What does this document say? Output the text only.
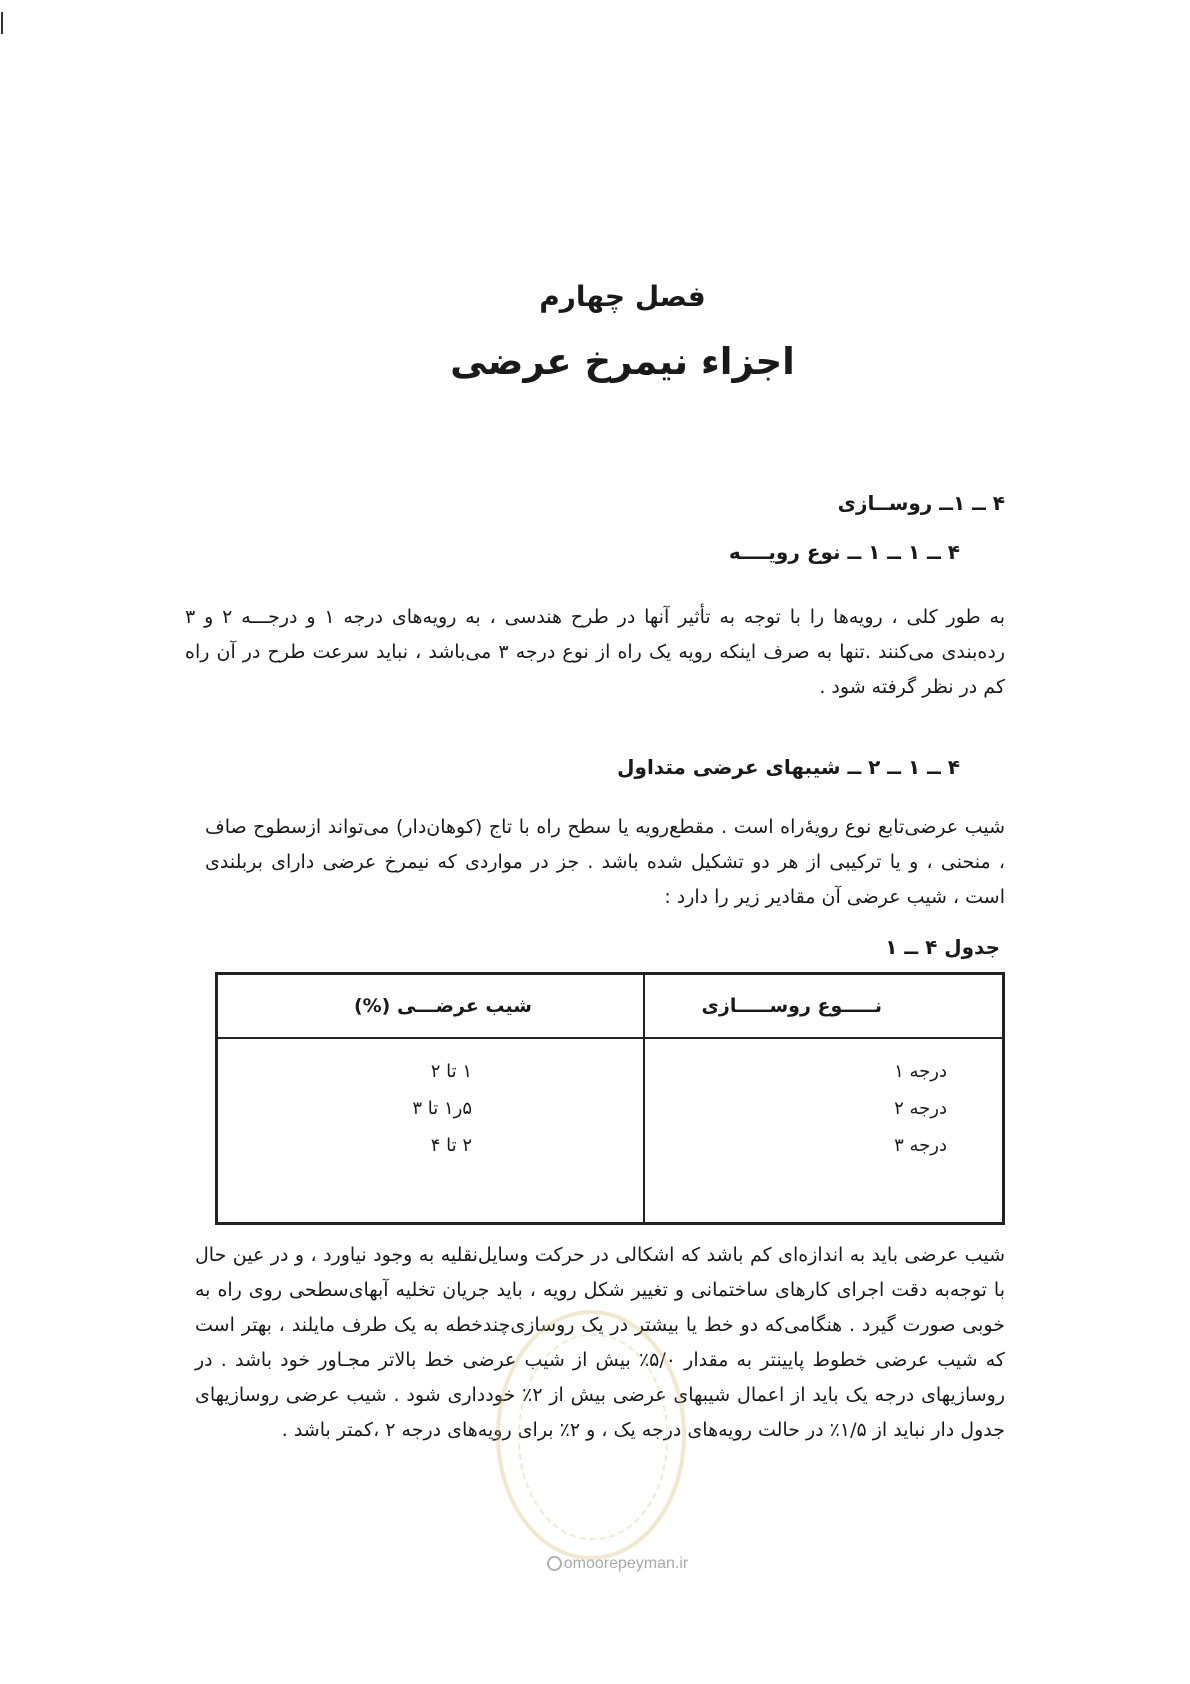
فصل چهارم
اجزاء نیمرخ عرضی
۴ ــ ۱ــ روســازی
۴ ــ ۱ ــ ۱ ــ نوع رویــــه
به طور کلی ، رویه‌ها را با توجه به تأثیر آنها در طرح هندسی ، به رویه‌های درجه ۱ و درجـــه ۲ و ۳ رده‌بندی می‌کنند .تنها به صرف اینکه رویه یک راه از نوع درجه ۳ می‌باشد ، نباید سرعت طرح در آن راه کم در نظر گرفته شود .
۴ ــ ۱ ــ ۲ ــ شیبهای عرضی متداول
شیب عرضی‌تابع نوع رویه‌ٔراه است . مقطع‌رویه یا سطح راه با تاج (کوهان‌دار) می‌تواند ازسطوح صاف ، منحنی ، و یا ترکیبی از هر دو تشکیل شده باشد . جز در مواردی که نیمرخ عرضی دارای بربلندی است ، شیب عرضی آن مقادیر زیر را دارد :
جدول ۴ ــ ۱
نـــــوع روســـــازی
شیب عرضـــی (%)
درجه ۱
درجه ۲
درجه ۳
۱ تا ۲
۵ر۱ تا ۳
۲ تا ۴
شیب عرضی باید به اندازه‌ای کم باشد که اشکالی در حرکت وسایل‌نقلیه به وجود نیاورد ، و در عین حال با توجه‌به دقت اجرای کارهای ساختمانی و تغییر شکل رویه ، باید جریان تخلیه آبهای‌سطحی روی راه به خوبی صورت گیرد . هنگامی‌که دو خط یا بیشتر در یک روسازی‌چندخطه به یک طرف مایلند ، بهتر است که شیب عرضی خطوط پایینتر به مقدار ۵/۰٪ بیش از شیب عرضی خط بالاتر مجـاور خود باشد . در روسازیهای درجه یک باید از اعمال شیبهای عرضی بیش از ۲٪ خودداری شود . شیب عرضی روسازیهای جدول دار نباید از ۱/۵٪ در حالت رویه‌های درجه یک ، و ۲٪ برای رویه‌های درجه ۲ ،کمتر باشد .
omoorepeyman.ir
